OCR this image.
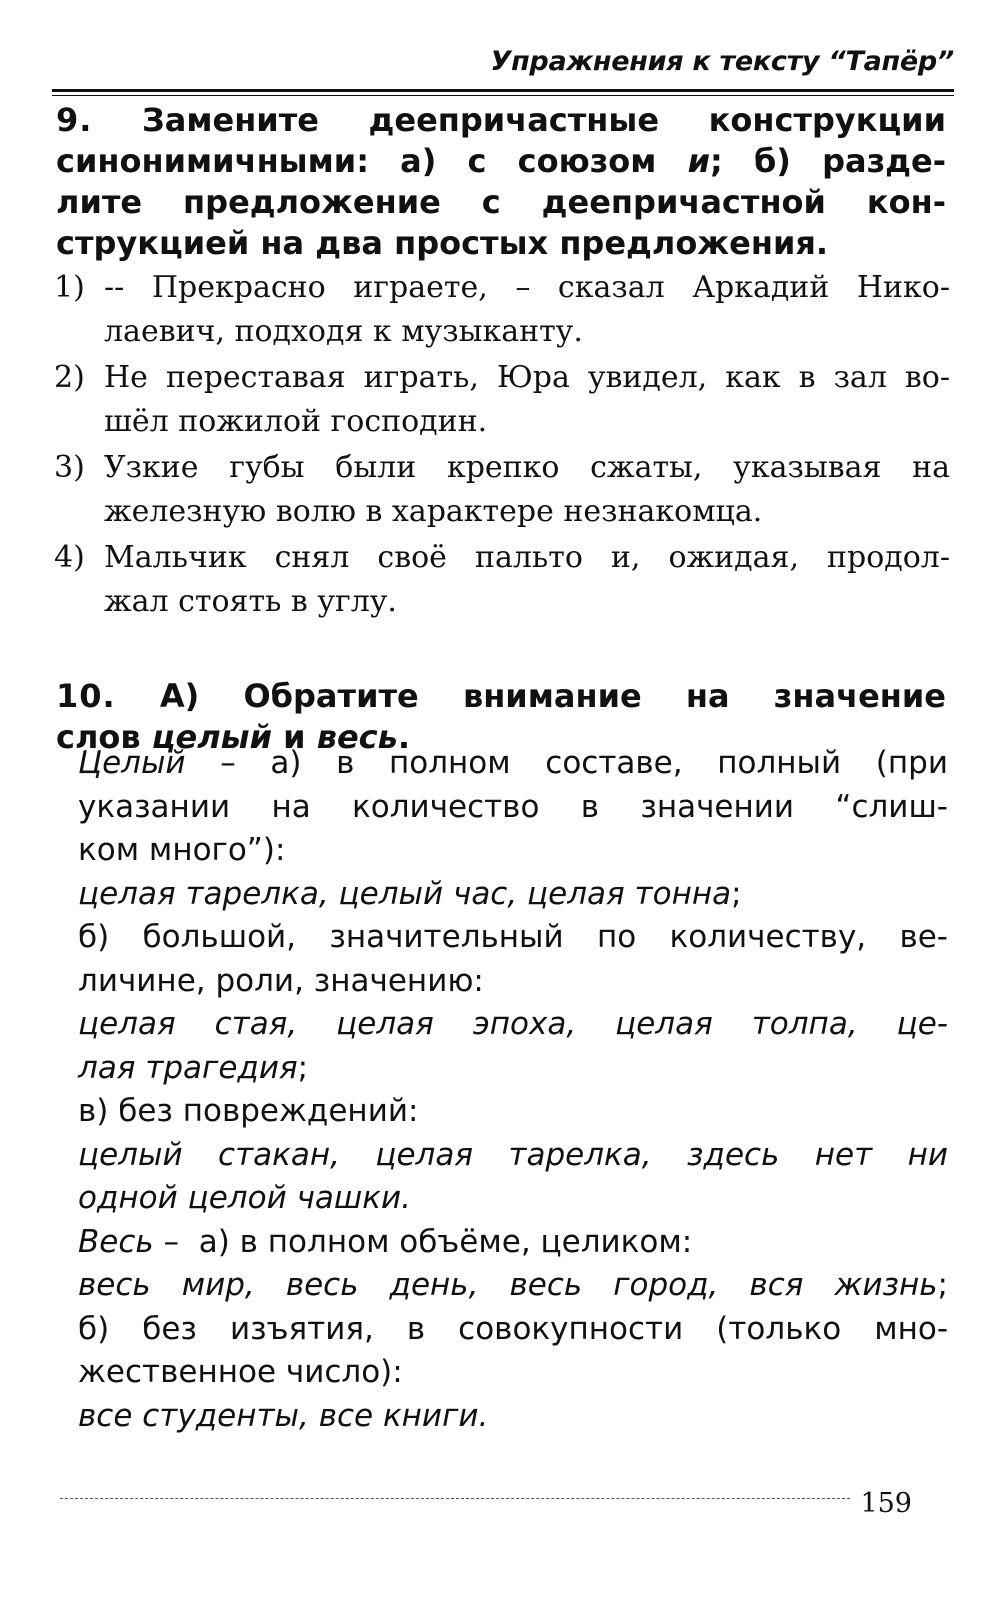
Упражнения к тексту “Тапёр”
9. Замените деепричастные конструкции
синонимичными: а) с союзом и; б) разде-
лите предложение с деепричастной кон-
струкцией на два простых предложения.
1) -- Прекрасно играете, – сказал Аркадий Нико-
лаевич, подходя к музыканту.
2) Не переставая играть, Юра увидел, как в зал во-
шёл пожилой господин.
3) Узкие губы были крепко сжаты, указывая на
железную волю в характере незнакомца.
4) Мальчик снял своё пальто и, ожидая, продол-
жал стоять в углу.
10. А) Обратите внимание на значение
слов целый и весь.
Целый – а) в полном составе, полный (при
указании на количество в значении “слиш-
ком много”):
целая тарелка, целый час, целая тонна;
б) большой, значительный по количеству, ве-
личине, роли, значению:
целая стая, целая эпоха, целая толпа, це-
лая трагедия;
в) без повреждений:
целый стакан, целая тарелка, здесь нет ни
одной целой чашки.
Весь –  а) в полном объёме, целиком:
весь мир, весь день, весь город, вся жизнь;
б) без изъятия, в совокупности (только мно-
жественное число):
все студенты, все книги.
159
